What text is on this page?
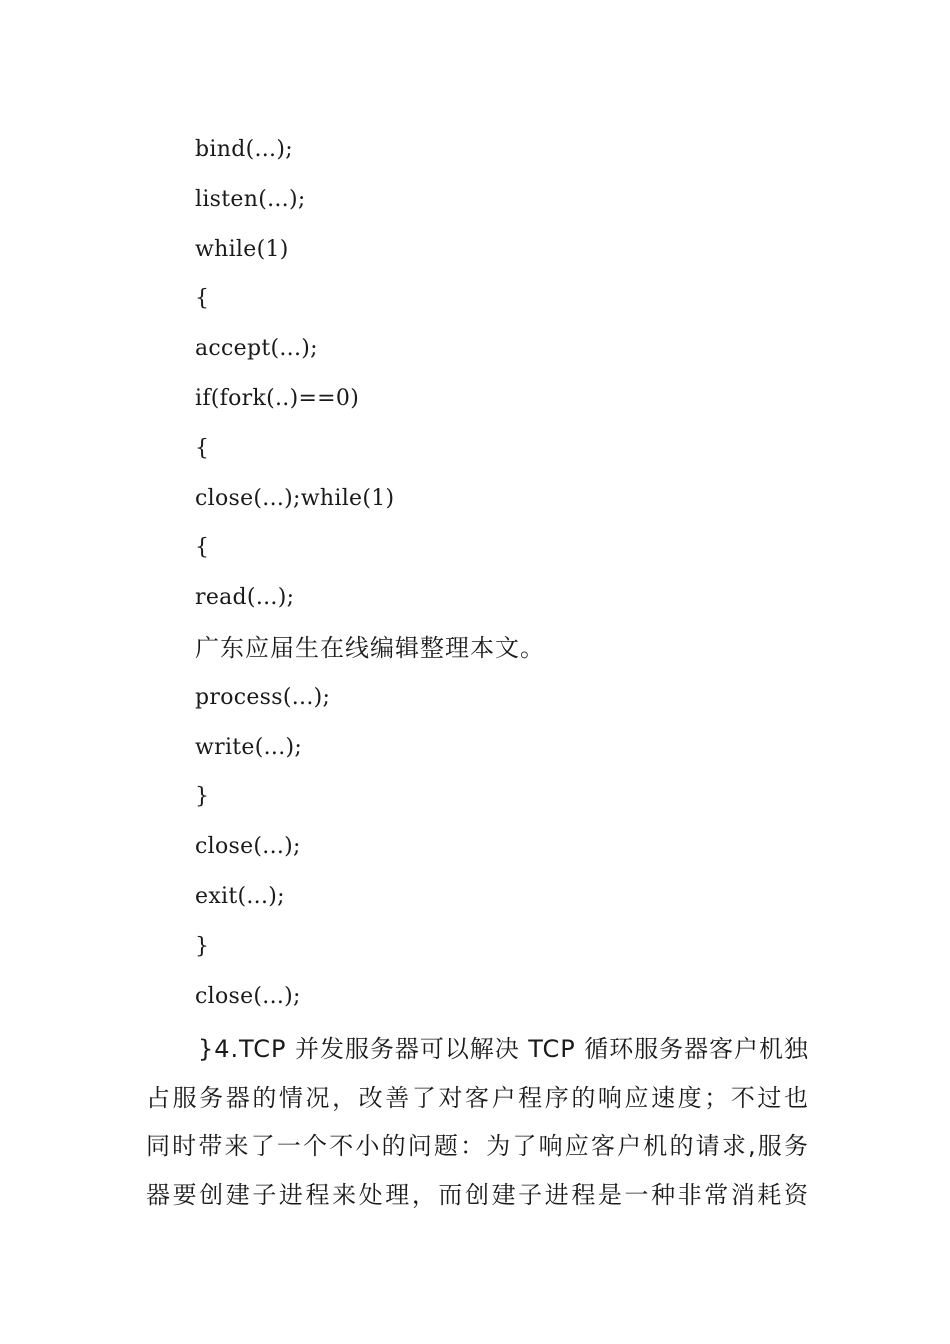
bind(...);
listen(...);
while(1)
{
accept(...);
if(fork(..)==0)
{
close(...);while(1)
{
read(...);
广东应届生在线编辑整理本文。
process(...);
write(...);
}
close(...);
exit(...);
}
close(...);
}4.TCP 并发服务器可以解决 TCP 循环服务器客户机独
占服务器的情况，改善了对客户程序的响应速度；不过也
同时带来了一个不小的问题：为了响应客户机的请求,服务
器要创建子进程来处理，而创建子进程是一种非常消耗资
